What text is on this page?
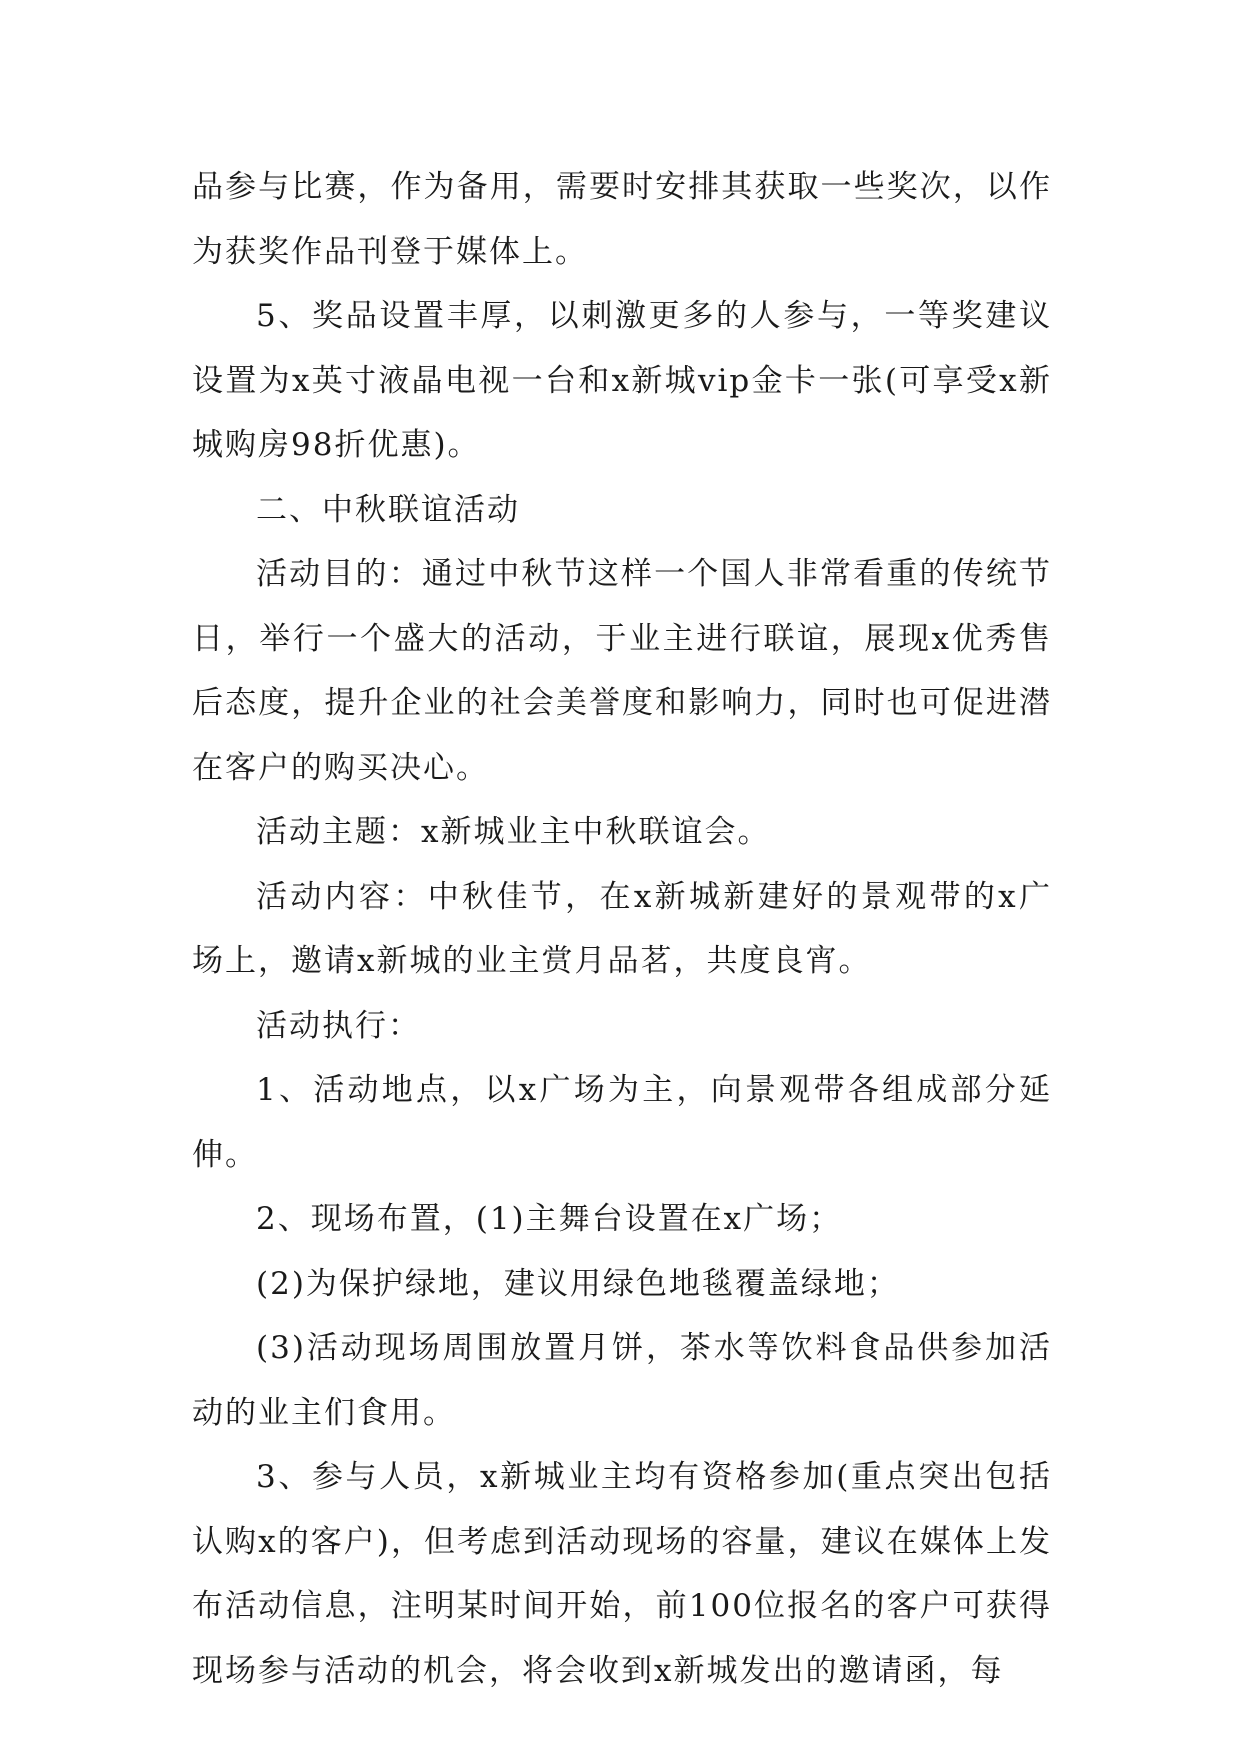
品参与比赛，作为备用，需要时安排其获取一些奖次，以作为获奖作品刊登于媒体上。

5、奖品设置丰厚，以刺激更多的人参与，一等奖建议设置为x英寸液晶电视一台和x新城vip金卡一张(可享受x新城购房98折优惠)。

二、中秋联谊活动

活动目的：通过中秋节这样一个国人非常看重的传统节日，举行一个盛大的活动，于业主进行联谊，展现x优秀售后态度，提升企业的社会美誉度和影响力，同时也可促进潜在客户的购买决心。

活动主题：x新城业主中秋联谊会。

活动内容：中秋佳节，在x新城新建好的景观带的x广场上，邀请x新城的业主赏月品茗，共度良宵。

活动执行：

1、活动地点，以x广场为主，向景观带各组成部分延伸。

2、现场布置，(1)主舞台设置在x广场；

(2)为保护绿地，建议用绿色地毯覆盖绿地；

(3)活动现场周围放置月饼，茶水等饮料食品供参加活动的业主们食用。

3、参与人员，x新城业主均有资格参加(重点突出包括认购x的客户)，但考虑到活动现场的容量，建议在媒体上发布活动信息，注明某时间开始，前100位报名的客户可获得现场参与活动的机会，将会收到x新城发出的邀请函，每
